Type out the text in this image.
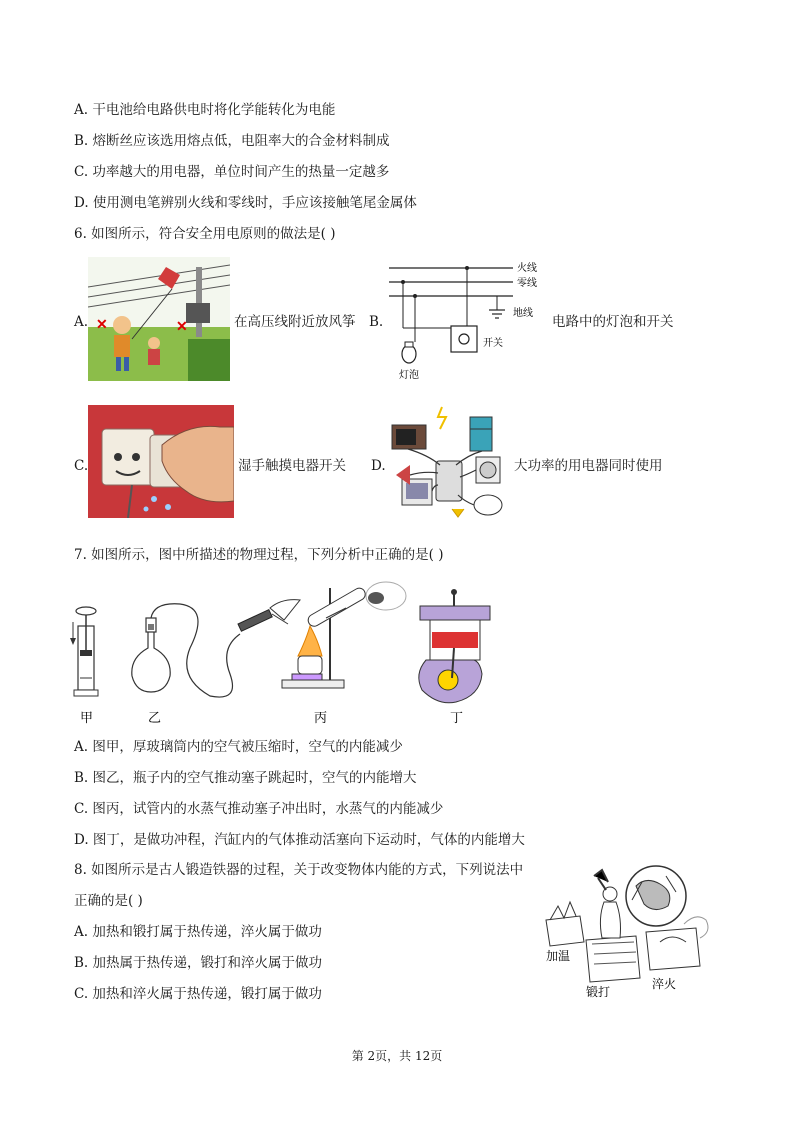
A. 干电池给电路供电时将化学能转化为电能
B. 熔断丝应该选用熔点低，电阻率大的合金材料制成
C. 功率越大的用电器，单位时间产生的热量一定越多
D. 使用测电笔辨别火线和零线时，手应该接触笔尾金属体
6. 如图所示，符合安全用电原则的做法是( )
A. ✕	✕	在高压线附近放风筝 B.
火线
零线
地线
开关
灯泡
电路中的灯泡和开关
C.	湿手触摸电器开关 D.	大功率的用电器同时使用
7. 如图所示，图中所描述的物理过程，下列分析中正确的是( )
甲	乙	丙	丁
A. 图甲，厚玻璃筒内的空气被压缩时，空气的内能减少
B. 图乙，瓶子内的空气推动塞子跳起时，空气的内能增大
C. 图丙，试管内的水蒸气推动塞子冲出时，水蒸气的内能减少
D. 图丁，是做功冲程，汽缸内的气体推动活塞向下运动时，气体的内能增大
8. 如图所示是古人锻造铁器的过程，关于改变物体内能的方式，下列说法中
正确的是( )
A. 加热和锻打属于热传递，淬火属于做功
B. 加热属于热传递，锻打和淬火属于做功
C. 加热和淬火属于热传递，锻打属于做功
加温
锻打
淬火
第 2页，共 12页
